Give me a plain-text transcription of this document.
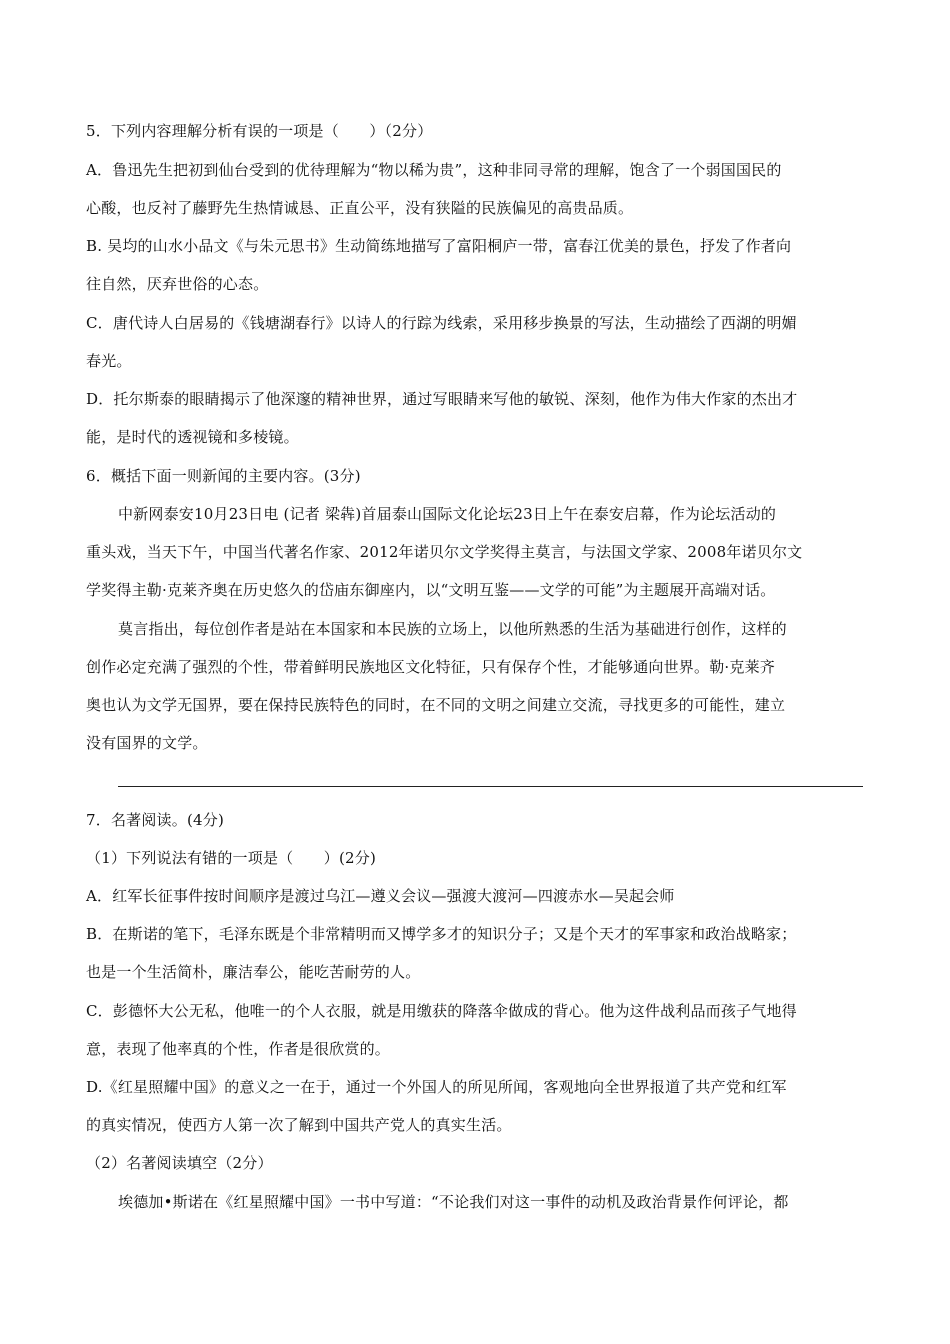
5．下列内容理解分析有误的一项是（　　）（2分）
A．鲁迅先生把初到仙台受到的优待理解为“物以稀为贵”，这种非同寻常的理解，饱含了一个弱国国民的
心酸，也反衬了藤野先生热情诚恳、正直公平，没有狭隘的民族偏见的高贵品质。
B. 吴均的山水小品文《与朱元思书》生动简练地描写了富阳桐庐一带，富春江优美的景色，抒发了作者向
往自然，厌弃世俗的心态。
C．唐代诗人白居易的《钱塘湖春行》以诗人的行踪为线索，采用移步换景的写法，生动描绘了西湖的明媚
春光。
D．托尔斯泰的眼睛揭示了他深邃的精神世界，通过写眼睛来写他的敏锐、深刻，他作为伟大作家的杰出才
能，是时代的透视镜和多棱镜。
6．概括下面一则新闻的主要内容。(3分)
中新网泰安10月23日电 (记者 梁犇)首届泰山国际文化论坛23日上午在泰安启幕，作为论坛活动的
重头戏，当天下午，中国当代著名作家、2012年诺贝尔文学奖得主莫言，与法国文学家、2008年诺贝尔文
学奖得主勒·克莱齐奥在历史悠久的岱庙东御座内，以“文明互鉴——文学的可能”为主题展开高端对话。
莫言指出，每位创作者是站在本国家和本民族的立场上，以他所熟悉的生活为基础进行创作，这样的
创作必定充满了强烈的个性，带着鲜明民族地区文化特征，只有保存个性，才能够通向世界。勒·克莱齐
奥也认为文学无国界，要在保持民族特色的同时，在不同的文明之间建立交流，寻找更多的可能性，建立
没有国界的文学。
7．名著阅读。(4分)
（1）下列说法有错的一项是（　　）(2分)
A．红军长征事件按时间顺序是渡过乌江—遵义会议—强渡大渡河—四渡赤水—吴起会师
B．在斯诺的笔下，毛泽东既是个非常精明而又博学多才的知识分子；又是个天才的军事家和政治战略家；
也是一个生活简朴，廉洁奉公，能吃苦耐劳的人。
C．彭德怀大公无私，他唯一的个人衣服，就是用缴获的降落伞做成的背心。他为这件战利品而孩子气地得
意，表现了他率真的个性，作者是很欣赏的。
D.《红星照耀中国》的意义之一在于，通过一个外国人的所见所闻，客观地向全世界报道了共产党和红军
的真实情况，使西方人第一次了解到中国共产党人的真实生活。
（2）名著阅读填空（2分）
埃德加•斯诺在《红星照耀中国》一书中写道：“不论我们对这一事件的动机及政治背景作何评论，都
